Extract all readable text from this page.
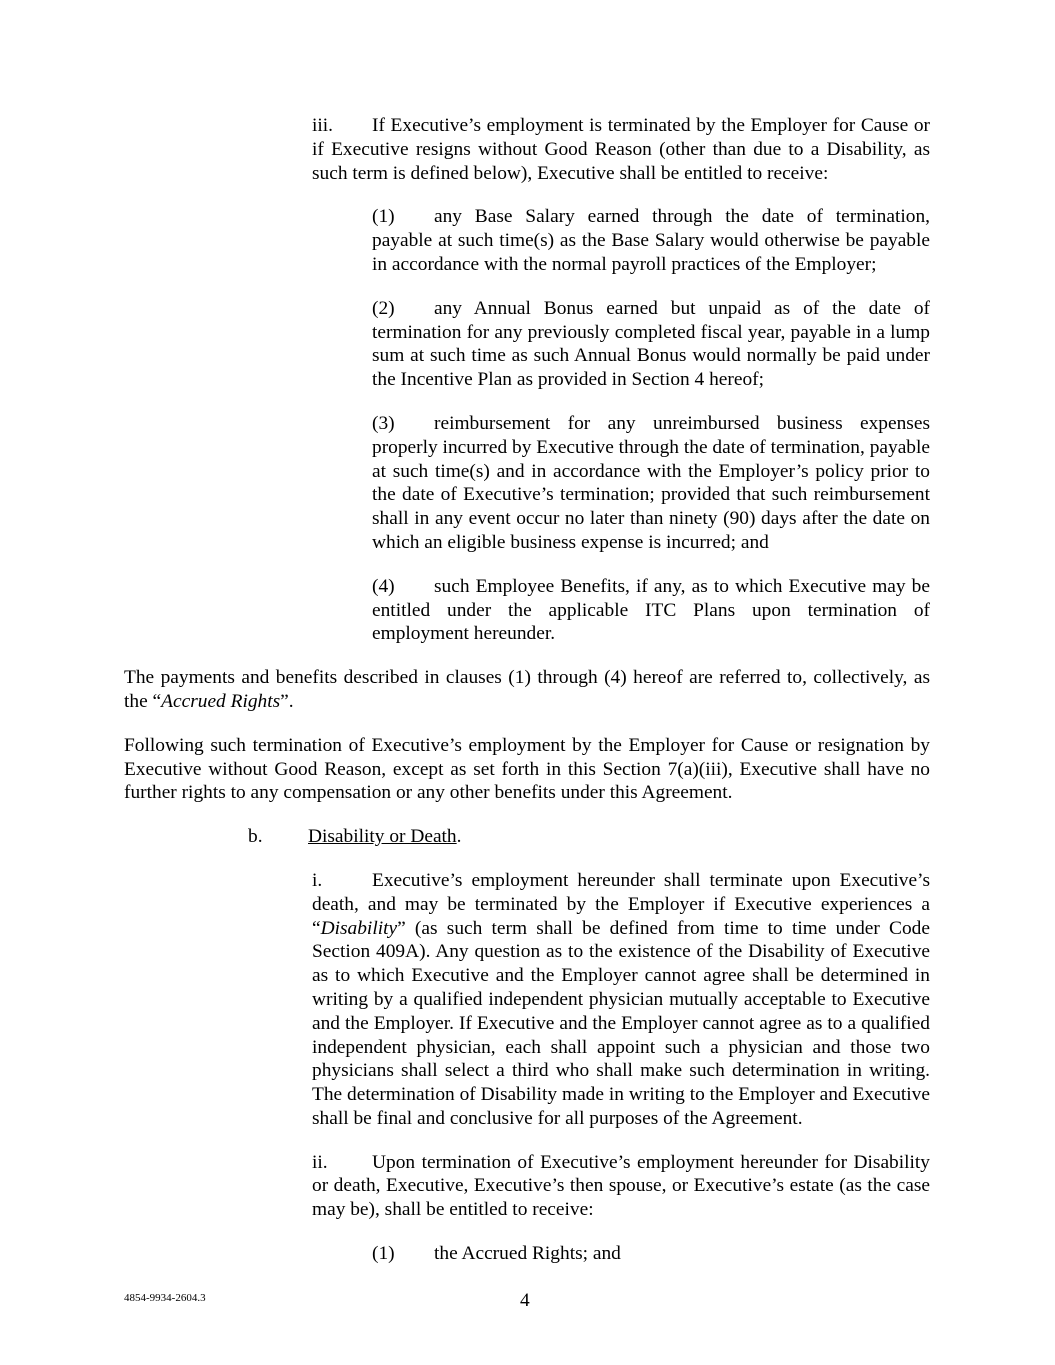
iii. If Executive’s employment is terminated by the Employer for Cause or if Executive resigns without Good Reason (other than due to a Disability, as such term is defined below), Executive shall be entitled to receive:

(1) any Base Salary earned through the date of termination, payable at such time(s) as the Base Salary would otherwise be payable in accordance with the normal payroll practices of the Employer;

(2) any Annual Bonus earned but unpaid as of the date of termination for any previously completed fiscal year, payable in a lump sum at such time as such Annual Bonus would normally be paid under the Incentive Plan as provided in Section 4 hereof;

(3) reimbursement for any unreimbursed business expenses properly incurred by Executive through the date of termination, payable at such time(s) and in accordance with the Employer’s policy prior to the date of Executive’s termination; provided that such reimbursement shall in any event occur no later than ninety (90) days after the date on which an eligible business expense is incurred; and

(4) such Employee Benefits, if any, as to which Executive may be entitled under the applicable ITC Plans upon termination of employment hereunder.

The payments and benefits described in clauses (1) through (4) hereof are referred to, collectively, as the “Accrued Rights”.

Following such termination of Executive’s employment by the Employer for Cause or resignation by Executive without Good Reason, except as set forth in this Section 7(a)(iii), Executive shall have no further rights to any compensation or any other benefits under this Agreement.

b. Disability or Death.

i.	Executive’s employment hereunder shall terminate upon Executive’s death, and may be terminated by the Employer if Executive experiences a “Disability” (as such term shall be defined from time to time under Code Section 409A). Any question as to the existence of the Disability of Executive as to which Executive and the Employer cannot agree shall be determined in writing by a qualified independent physician mutually acceptable to Executive and the Employer. If Executive and the Employer cannot agree as to a qualified independent physician, each shall appoint such a physician and those two physicians shall select a third who shall make such determination in writing. The determination of Disability made in writing to the Employer and Executive shall be final and conclusive for all purposes of the Agreement.

ii. Upon termination of Executive’s employment hereunder for Disability or death, Executive, Executive’s then spouse, or Executive’s estate (as the case may be), shall be entitled to receive:

(1) the Accrued Rights; and

4854-9934-2604.3	4
